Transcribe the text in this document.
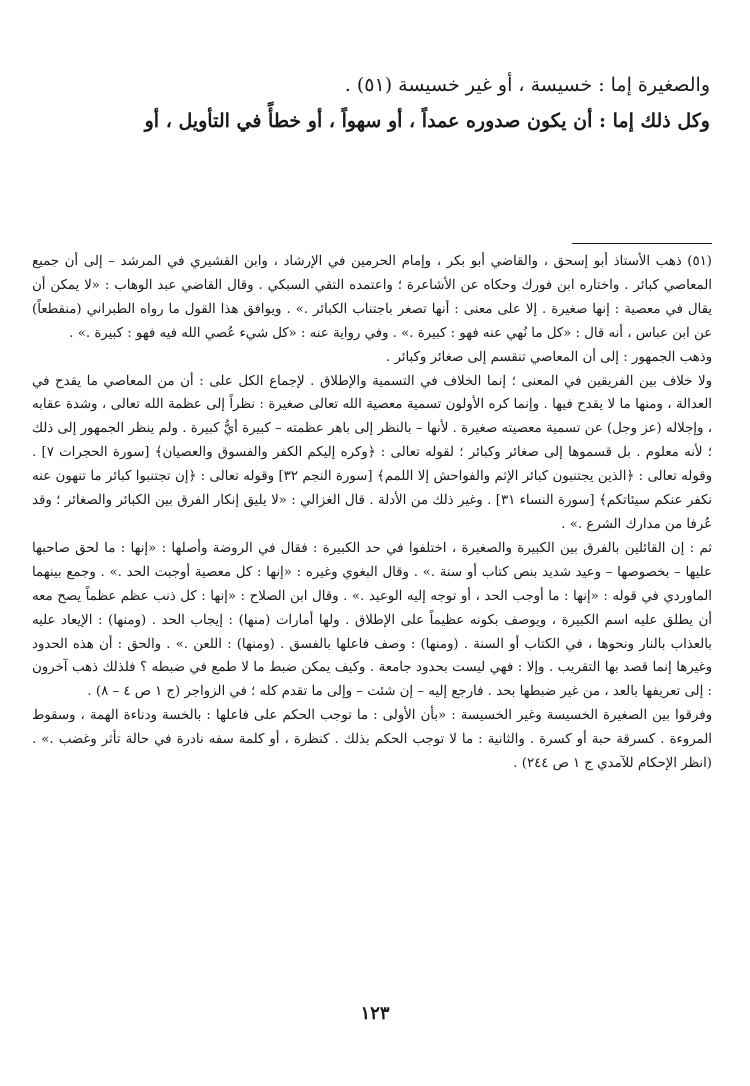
والصغيرة إما : خسيسة ، أو غير خسيسة (٥١) .

وكل ذلك إما : أن يكون صدوره عمداً ، أو سهواً ، أو خطأً في التأويل ، أو

(٥١) ذهب الأستاذ أبو إسحق ، والقاضي أبو بكر ، وإمام الحرمين في الإرشاد ، وابن القشيري في المرشد – إلى أن جميع المعاصي كبائر . واختاره ابن فورك وحكاه عن الأشاعرة ؛ واعتمده التقي السبكي . وقال القاضي عبد الوهاب : «لا يمكن أن يقال في معصية : إنها صغيرة . إلا على معنى : أنها تصغر باجتناب الكبائر .» . ويوافق هذا القول ما رواه الطبراني (منقطعاً) عن ابن عباس ، أنه قال : «كل ما نُهي عنه فهو : كبيرة .» . وفي رواية عنه : «كل شيء عُصي الله فيه فهو : كبيرة .» .

وذهب الجمهور : إلى أن المعاصي تنقسم إلى صغائر وكبائر .

ولا خلاف بين الفريقين في المعنى ؛ إنما الخلاف في التسمية والإطلاق . لإجماع الكل على : أن من المعاصي ما يقدح في العدالة ، ومنها ما لا يقدح فيها . وإنما كره الأولون تسمية معصية الله تعالى صغيرة : نظراً إلى عظمة الله تعالى ، وشدة عقابه ، وإجلاله (عز وجل) عن تسمية معصيته صغيرة . لأنها – بالنظر إلى باهر عظمته – كبيرة أيُّ كبيرة . ولم ينظر الجمهور إلى ذلك ؛ لأنه معلوم . بل قسموها إلى صغائر وكبائر ؛ لقوله تعالى : ﴿وكره إليكم الكفر والفسوق والعصيان﴾ [سورة الحجرات ٧] . وقوله تعالى : ﴿الذين يجتنبون كبائر الإثم والفواحش إلا اللمم﴾ [سورة النجم ٣٢] وقوله تعالى : ﴿إن تجتنبوا كبائر ما تنهون عنه نكفر عنكم سيئاتكم﴾ [سورة النساء ٣١] . وغير ذلك من الأدلة . قال الغزالي : «لا يليق إنكار الفرق بين الكبائر والصغائر ؛ وقد عُرفا من مدارك الشرع .» .

ثم : إن القائلين بالفرق بين الكبيرة والصغيرة ، اختلفوا في حد الكبيرة : فقال في الروضة وأصلها : «إنها : ما لحق صاحبها عليها – بخصوصها – وعيد شديد بنص كتاب أو سنة .» . وقال البغوي وغيره : «إنها : كل معصية أوجبت الحد .» . وجمع بينهما الماوردي في قوله : «إنها : ما أوجب الحد ، أو توجه إليه الوعيد .» . وقال ابن الصلاح : «إنها : كل ذنب عظم عظماً يصح معه أن يطلق عليه اسم الكبيرة ، ويوصف بكونه عظيماً على الإطلاق . ولها أمارات (منها) : إيجاب الحد . (ومنها) : الإيعاد عليه بالعذاب بالنار ونحوها ، في الكتاب أو السنة . (ومنها) : وصف فاعلها بالفسق . (ومنها) : اللعن .» . والحق : أن هذه الحدود وغيرها إنما قصد بها التقريب . وإلا : فهي ليست بحدود جامعة . وكيف يمكن ضبط ما لا طمع في ضبطه ؟ فلذلك ذهب آخرون : إلى تعريفها بالعد ، من غير ضبطها بحد . فارجع إليه – إن شئت – وإلى ما تقدم كله ؛ في الزواجر (ج ١ ص ٤ – ٨) .

وفرقوا بين الصغيرة الخسيسة وغير الخسيسة : «بأن الأولى : ما توجب الحكم على فاعلها : بالخسة ودناءة الهمة ، وسقوط المروءة . كسرقة حبة أو كسرة . والثانية : ما لا توجب الحكم بذلك . كنظرة ، أو كلمة سفه نادرة في حالة تأثر وغضب .» . (انظر الإحكام للآمدي ج ١ ص ٢٤٤) .

١٢٣
